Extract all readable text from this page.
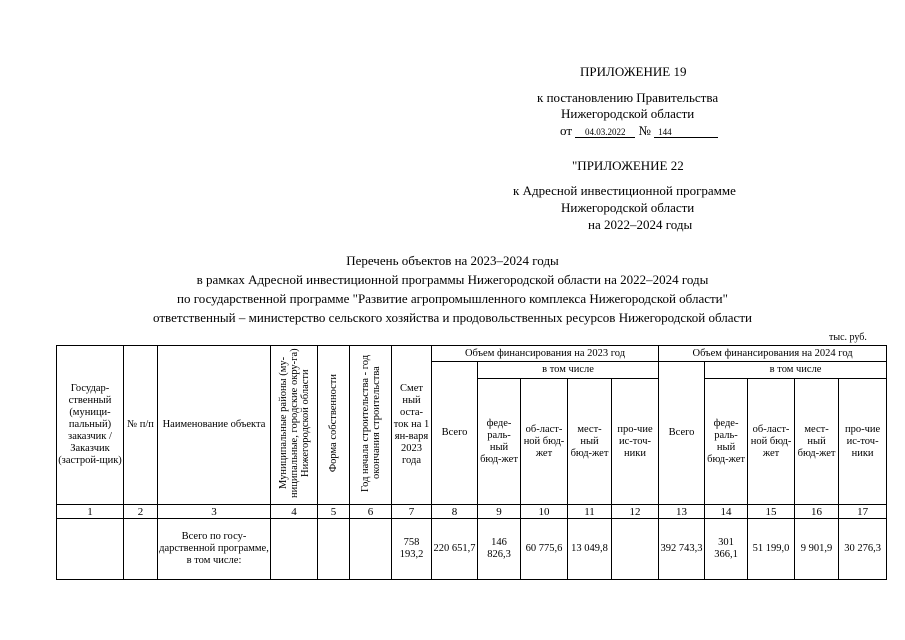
ПРИЛОЖЕНИЕ 19
к постановлению Правительства
Нижегородской области
от 04.03.2022 № 144
"ПРИЛОЖЕНИЕ 22
к Адресной инвестиционной программе
Нижегородской области
на 2022–2024 годы
Перечень объектов на 2023–2024 годы
в рамках Адресной инвестиционной программы Нижегородской области на 2022–2024 годы
по государственной программе "Развитие агропромышленного комплекса Нижегородской области"
ответственный – министерство сельского хозяйства и продовольственных ресурсов Нижегородской области
тыс. руб.
Государ-ственный (муници-пальный) заказчик / Заказчик (застрой-щик)	№ п/п	Наименование объекта	Муниципальные районы (му-ниципальные, городские окру-га) Нижегородской области	Форма собственности	Год начала строительства - год окончания строительства	Смет ный оста-ток на 1 ян-варя 2023 года	Объем финансирования на 2023 год					Объем финансирования на 2024 год				
							Всего	в том числе				Всего	в том числе			
								феде-раль-ный бюд-жет	об-ласт-ной бюд-жет	мест-ный бюд-жет	про-чие ис-точ-ники		феде-раль-ный бюд-жет	об-ласт-ной бюд-жет	мест-ный бюд-жет	про-чие ис-точ-ники
1	2	3	4	5	6	7	8	9	10	11	12	13	14	15	16	17
		Всего по госу-дарственной программе, в том числе:				758 193,2	220 651,7	146 826,3	60 775,6	13 049,8		392 743,3	301 366,1	51 199,0	9 901,9	30 276,3
